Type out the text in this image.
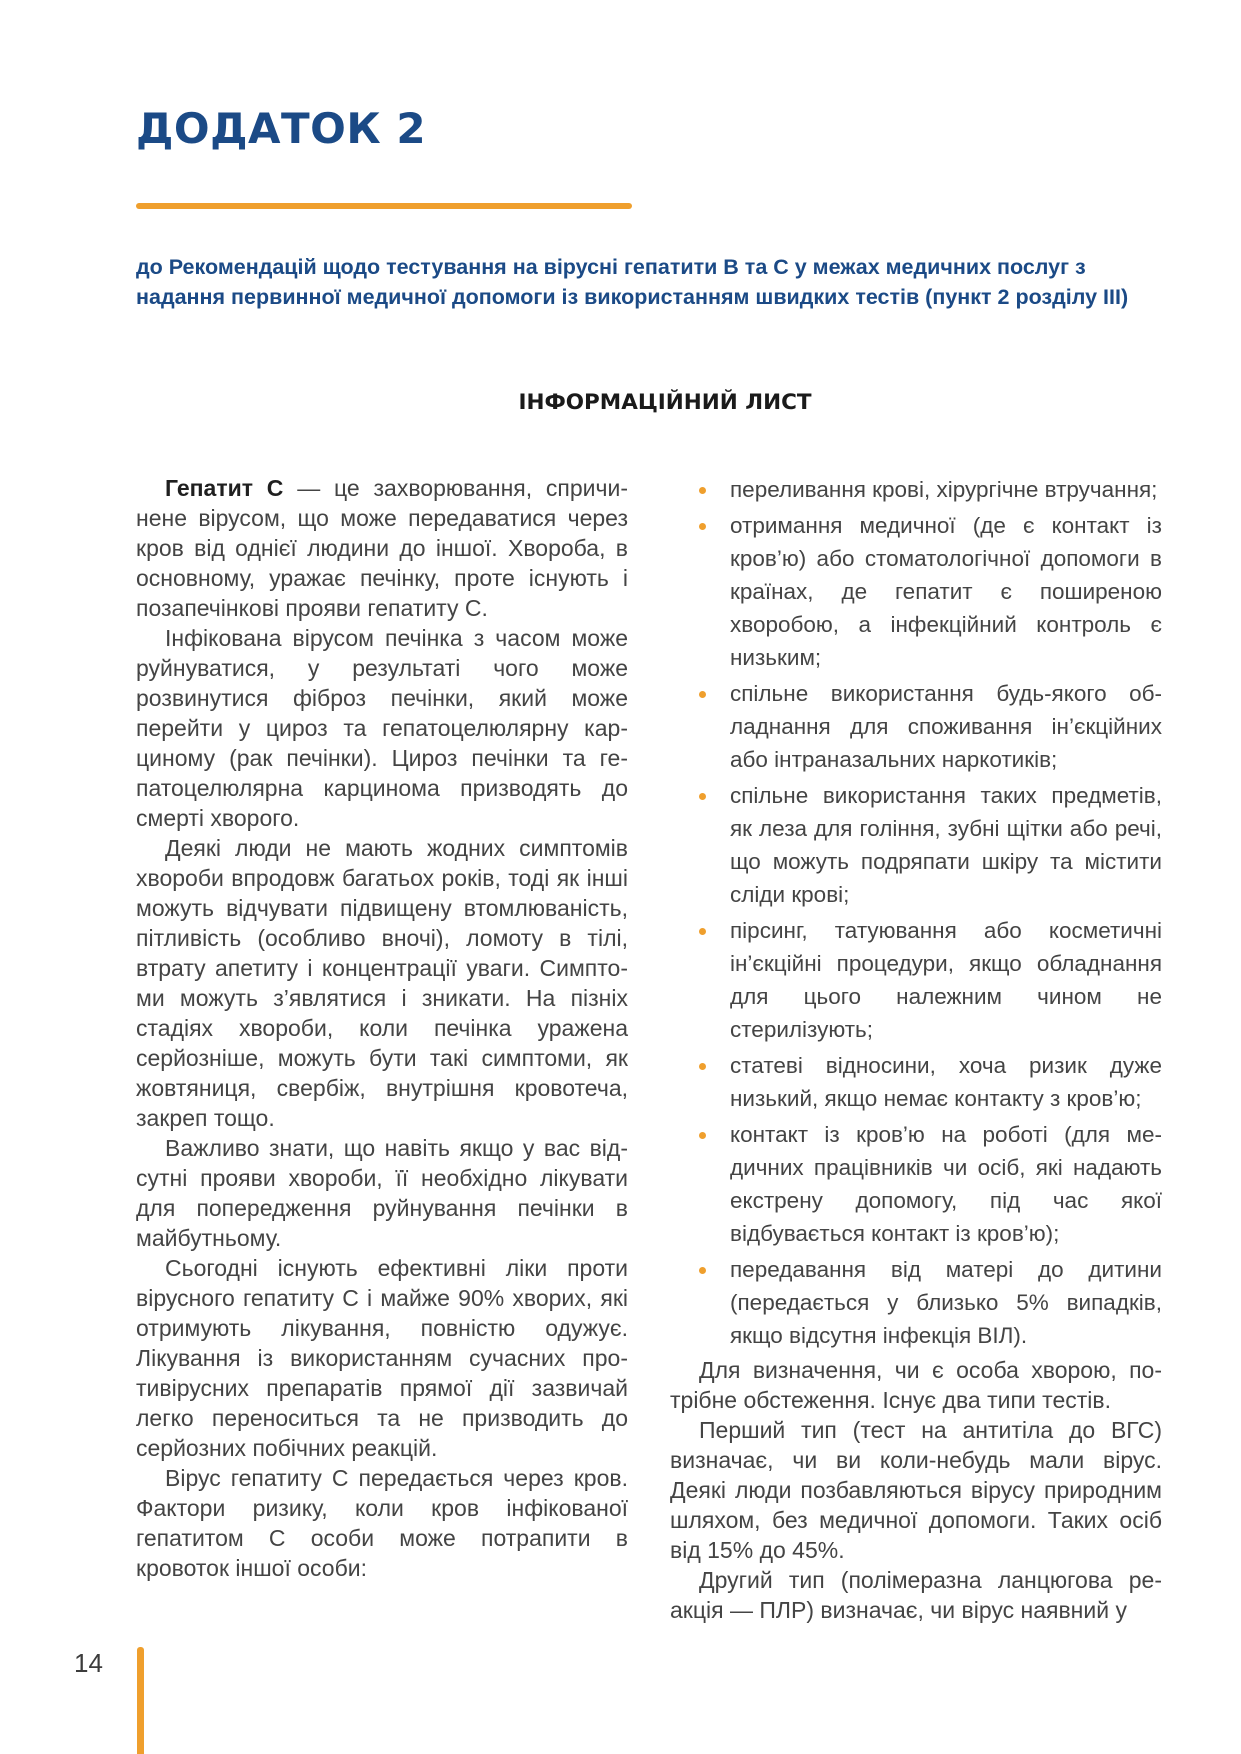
ДОДАТОК 2

до Рекомендацій щодо тестування на вірусні гепатити В та С у межах медичних послуг з надання первинної медичної допомоги із використанням швидких тестів (пункт 2 розділу ІІІ)

ІНФОРМАЦІЙНИЙ ЛИСТ

Гепатит С — це захворювання, спричинене вірусом, що може передаватися через кров від однієї людини до іншої. Хвороба, в основному, уражає печінку, проте існують і позапечінкові прояви гепатиту С.

Інфікована вірусом печінка з часом може руйнуватися, у результаті чого може розвинутися фіброз печінки, який може перейти у цироз та гепатоцелюлярну карциному (рак печінки). Цироз печінки та гепатоцелюлярна карцинома призводять до смерті хворого.

Деякі люди не мають жодних симптомів хвороби впродовж багатьох років, тоді як інші можуть відчувати підвищену втомлюваність, пітливість (особливо вночі), ломоту в тілі, втрату апетиту і концентрації уваги. Симптоми можуть з’являтися і зникати. На пізніх стадіях хвороби, коли печінка уражена серйозніше, можуть бути такі симптоми, як жовтяниця, свербіж, внутрішня кровотеча, закреп тощо.

Важливо знати, що навіть якщо у вас відсутні прояви хвороби, її необхідно лікувати для попередження руйнування печінки в майбутньому.

Сьогодні існують ефективні ліки проти вірусного гепатиту С і майже 90% хворих, які отримують лікування, повністю одужує. Лікування із використанням сучасних противірусних препаратів прямої дії зазвичай легко переноситься та не призводить до серйозних побічних реакцій.

Вірус гепатиту С передається через кров. Фактори ризику, коли кров інфікованої гепатитом С особи може потрапити в кровоток іншої особи:

переливання крові, хірургічне втручання;
отримання медичної (де є контакт із кров’ю) або стоматологічної допомоги в країнах, де гепатит є поширеною хворобою, а інфекційний контроль є низьким;
спільне використання будь-якого обладнання для споживання ін’єкційних або інтраназальних наркотиків;
спільне використання таких предметів, як леза для гоління, зубні щітки або речі, що можуть подряпати шкіру та містити сліди крові;
пірсинг, татуювання або косметичні ін’єкційні процедури, якщо обладнання для цього належним чином не стерилізують;
статеві відносини, хоча ризик дуже низький, якщо немає контакту з кров’ю;
контакт із кров’ю на роботі (для медичних працівників чи осіб, які надають екстрену допомогу, під час якої відбувається контакт із кров’ю);
передавання від матері до дитини (передається у близько 5% випадків, якщо відсутня інфекція ВІЛ).

Для визначення, чи є особа хворою, потрібне обстеження. Існує два типи тестів.

Перший тип (тест на антитіла до ВГС) визначає, чи ви коли-небудь мали вірус. Деякі люди позбавляються вірусу природним шляхом, без медичної допомоги. Таких осіб від 15% до 45%.

Другий тип (полімеразна ланцюгова реакція — ПЛР) визначає, чи вірус наявний у

14
